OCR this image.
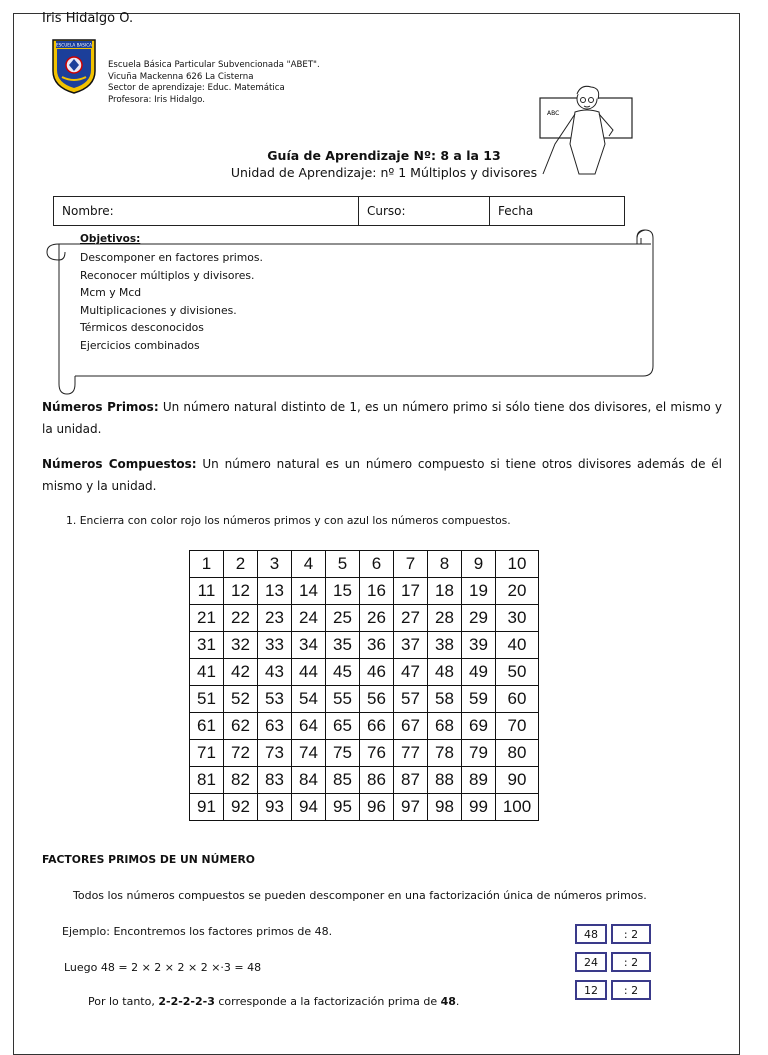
Iris Hidalgo O.
ESCUELA BASICA
Escuela Básica Particular Subvencionada "ABET".
Vicuña Mackenna 626 La Cisterna
Sector de aprendizaje: Educ. Matemática
Profesora: Iris Hidalgo.
ABC
Guía de Aprendizaje Nº: 8 a la 13
Unidad de Aprendizaje: nº 1 Múltiplos y divisores
Nombre:	Curso:	Fecha
Objetivos:
Descomponer en factores primos.
Reconocer múltiplos y divisores.
Mcm y Mcd
Multiplicaciones y divisiones.
Térmicos desconocidos
Ejercicios combinados
Números Primos: Un número natural distinto de 1, es un número primo si sólo tiene dos divisores, el mismo y la unidad.
Números Compuestos: Un número natural es un número compuesto si tiene otros divisores además de él mismo y la unidad.
1. Encierra con color rojo los números primos y con azul los números compuestos.
1	2	3	4	5	6	7	8	9	10
11	12	13	14	15	16	17	18	19	20
21	22	23	24	25	26	27	28	29	30
31	32	33	34	35	36	37	38	39	40
41	42	43	44	45	46	47	48	49	50
51	52	53	54	55	56	57	58	59	60
61	62	63	64	65	66	67	68	69	70
71	72	73	74	75	76	77	78	79	80
81	82	83	84	85	86	87	88	89	90
91	92	93	94	95	96	97	98	99	100
FACTORES PRIMOS DE UN NÚMERO
Todos los números compuestos se pueden descomponer en una factorización única de números primos.
Ejemplo: Encontremos los factores primos de 48.
Luego 48 = 2 × 2 × 2 × 2 ×·3 = 48
Por lo tanto, 2-2-2-2-3 corresponde a la factorización prima de 48.
48	: 2
24	: 2
12	: 2
